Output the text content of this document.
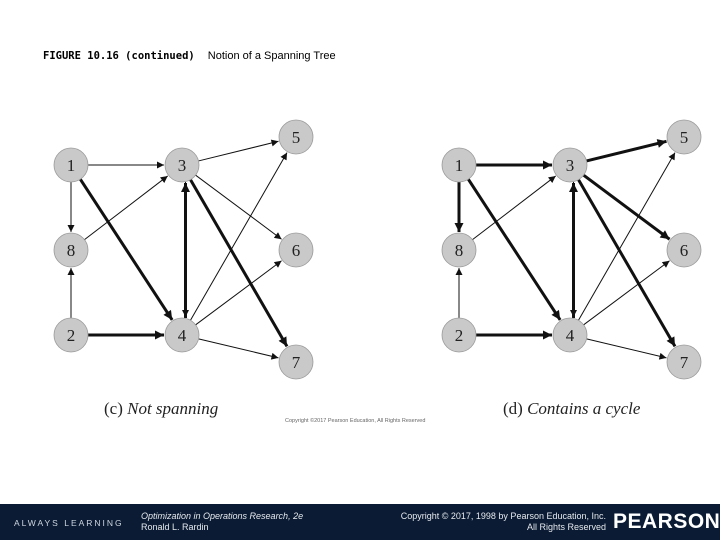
FIGURE 10.16 (continued) Notion of a Spanning Tree
1	3
5
8	6
2	4
7
1	3
5
8	6
2	4
7
(c) Not spanning	(d) Contains a cycle
Copyright ©2017 Pearson Education, All Rights Reserved
ALWAYS LEARNING
Optimization in Operations Research, 2e
Ronald L. Rardin
Copyright © 2017, 1998 by Pearson Education, Inc.
All Rights Reserved PEARSON
